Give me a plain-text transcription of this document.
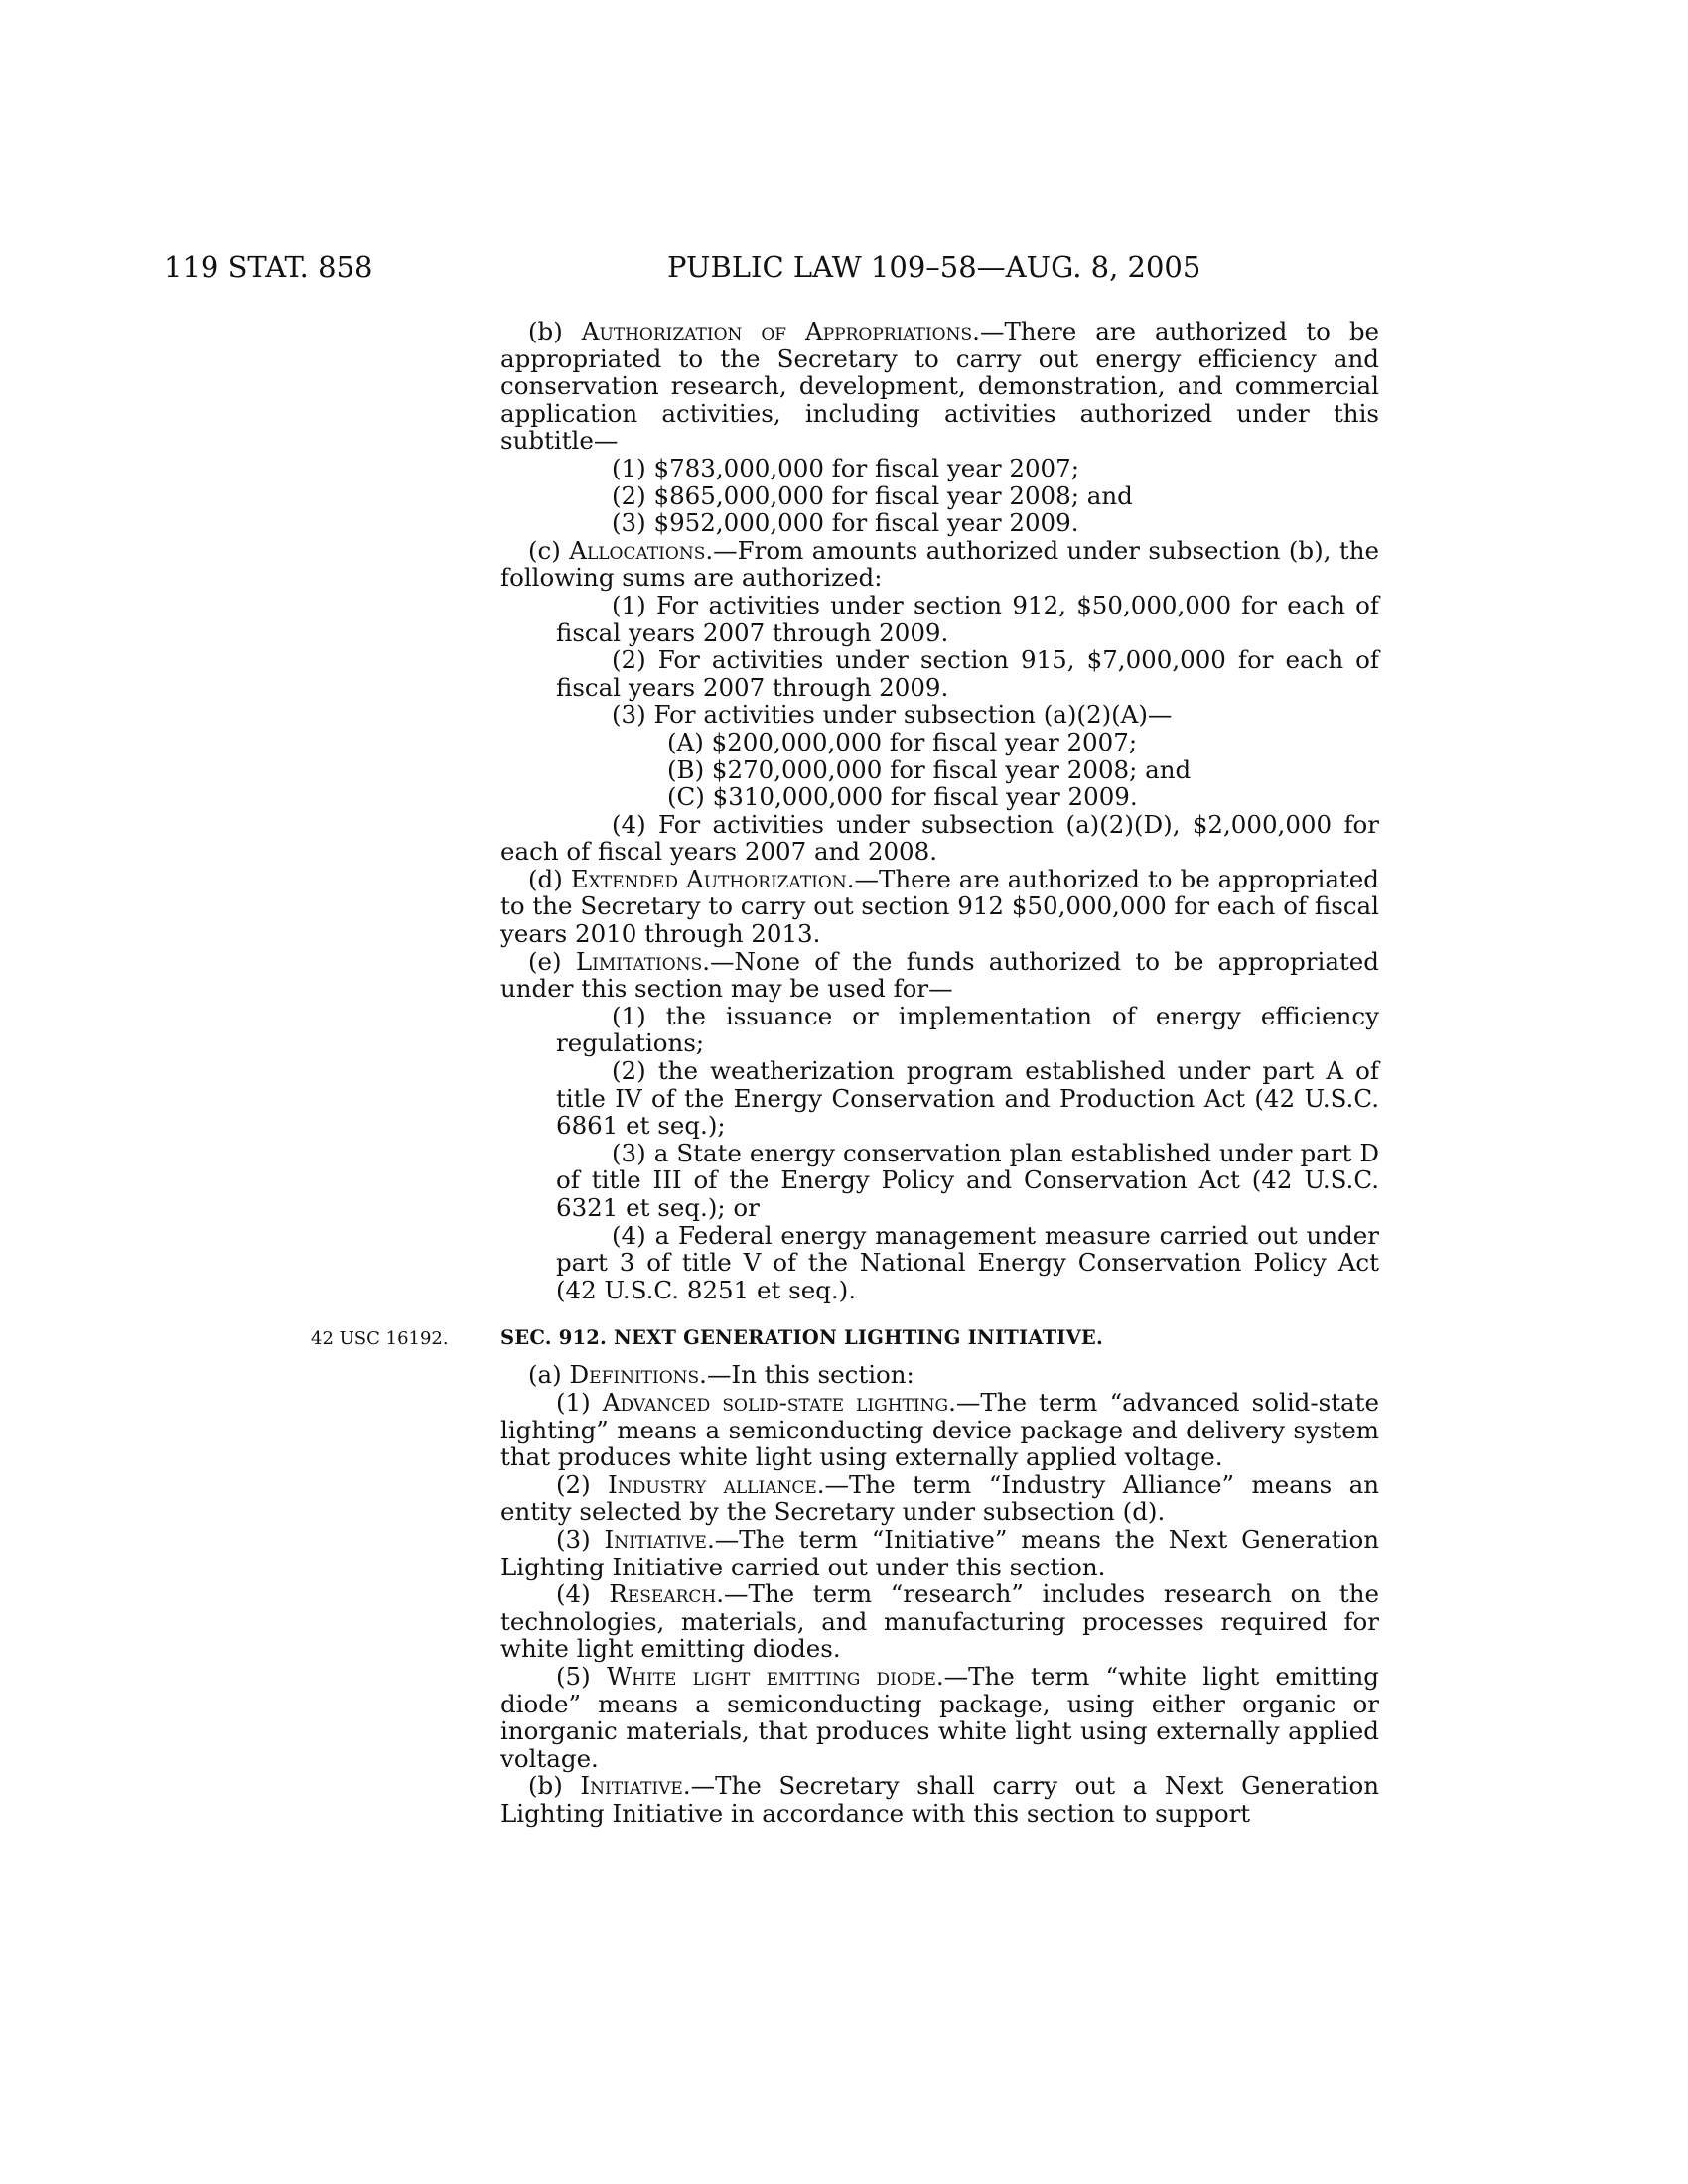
119 STAT. 858	PUBLIC LAW 109–58—AUG. 8, 2005
(b) Authorization of Appropriations.—There are authorized to be appropriated to the Secretary to carry out energy efficiency and conservation research, development, demonstration, and commercial application activities, including activities authorized under this subtitle—
(1) $783,000,000 for fiscal year 2007;
(2) $865,000,000 for fiscal year 2008; and
(3) $952,000,000 for fiscal year 2009.
(c) Allocations.—From amounts authorized under subsection (b), the following sums are authorized:
(1) For activities under section 912, $50,000,000 for each of fiscal years 2007 through 2009.
(2) For activities under section 915, $7,000,000 for each of fiscal years 2007 through 2009.
(3) For activities under subsection (a)(2)(A)—
(A) $200,000,000 for fiscal year 2007;
(B) $270,000,000 for fiscal year 2008; and
(C) $310,000,000 for fiscal year 2009.
(4) For activities under subsection (a)(2)(D), $2,000,000 for each of fiscal years 2007 and 2008.
(d) Extended Authorization.—There are authorized to be appropriated to the Secretary to carry out section 912 $50,000,000 for each of fiscal years 2010 through 2013.
(e) Limitations.—None of the funds authorized to be appropriated under this section may be used for—
(1) the issuance or implementation of energy efficiency regulations;
(2) the weatherization program established under part A of title IV of the Energy Conservation and Production Act (42 U.S.C. 6861 et seq.);
(3) a State energy conservation plan established under part D of title III of the Energy Policy and Conservation Act (42 U.S.C. 6321 et seq.); or
(4) a Federal energy management measure carried out under part 3 of title V of the National Energy Conservation Policy Act (42 U.S.C. 8251 et seq.).
42 USC 16192.	SEC. 912. NEXT GENERATION LIGHTING INITIATIVE.
(a) Definitions.—In this section:
(1) Advanced solid-state lighting.—The term “advanced solid-state lighting” means a semiconducting device package and delivery system that produces white light using externally applied voltage.
(2) Industry alliance.—The term “Industry Alliance” means an entity selected by the Secretary under subsection (d).
(3) Initiative.—The term “Initiative” means the Next Generation Lighting Initiative carried out under this section.
(4) Research.—The term “research” includes research on the technologies, materials, and manufacturing processes required for white light emitting diodes.
(5) White light emitting diode.—The term “white light emitting diode” means a semiconducting package, using either organic or inorganic materials, that produces white light using externally applied voltage.
(b) Initiative.—The Secretary shall carry out a Next Generation Lighting Initiative in accordance with this section to support
